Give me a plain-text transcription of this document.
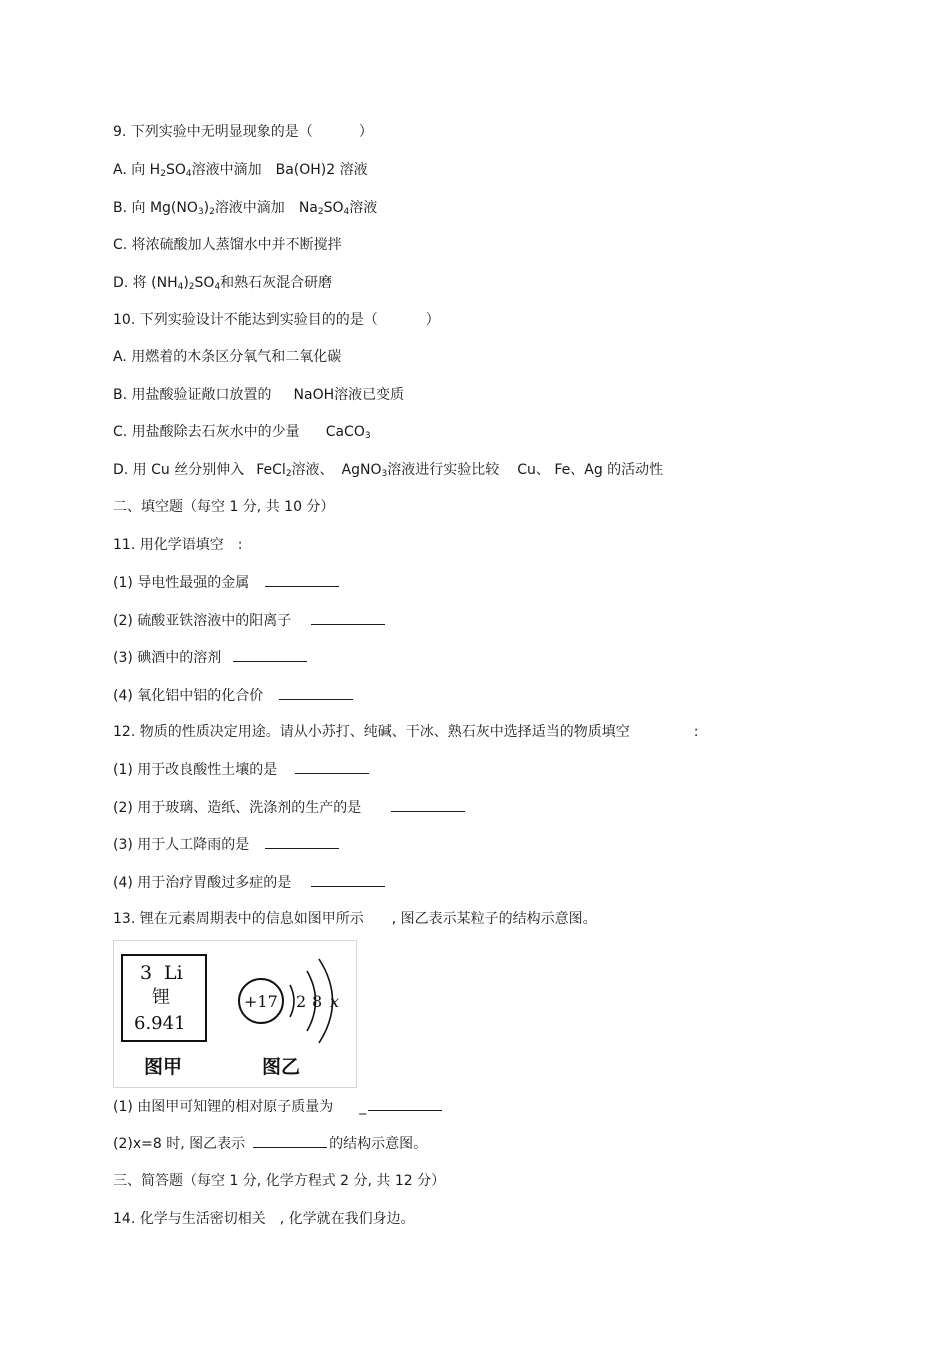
9. 下列实验中无明显现象的是（	）
A. 向 $H_2SO_4$溶液中滴加 Ba(OH)2 溶液
B. 向 $Mg(NO_3)_2$溶液中滴加 $Na_2SO_4$溶液
C. 将浓硫酸加人蒸馏水中并不断搅拌
D. 将 $(NH_4)_2SO_4$和熟石灰混合研磨
10. 下列实验设计不能达到实验目的的是（	）
A. 用燃着的木条区分氧气和二氧化碳
B. 用盐酸验证敞口放置的 NaOH溶液已变质
C. 用盐酸除去石灰水中的少量 CaCO$_3$
D. 用 Cu 丝分别伸入 FeCl$_2$溶液、 AgNO$_3$溶液进行实验比较 Cu、 Fe、Ag 的活动性
二、填空题（每空 1 分, 共 10 分）
11. 用化学语填空 :
(1) 导电性最强的金属
(2) 硫酸亚铁溶液中的阳离子
(3) 碘酒中的溶剂
(4) 氧化铝中铝的化合价
12. 物质的性质决定用途。请从小苏打、纯碱、干冰、熟石灰中选择适当的物质填空	:
(1) 用于改良酸性土壤的是
(2) 用于玻璃、造纸、洗涤剂的生产的是
(3) 用于人工降雨的是
(4) 用于治疗胃酸过多症的是
13. 锂在元素周期表中的信息如图甲所示 , 图乙表示某粒子的结构示意图。
3 Li
锂
6.941
图甲
+17 2 8 x
图乙
(1) 由图甲可知锂的相对原子质量为 _
(2)x=8 时, 图乙表示	的结构示意图。
三、简答题（每空 1 分, 化学方程式 2 分, 共 12 分）
14. 化学与生活密切相关 , 化学就在我们身边。
